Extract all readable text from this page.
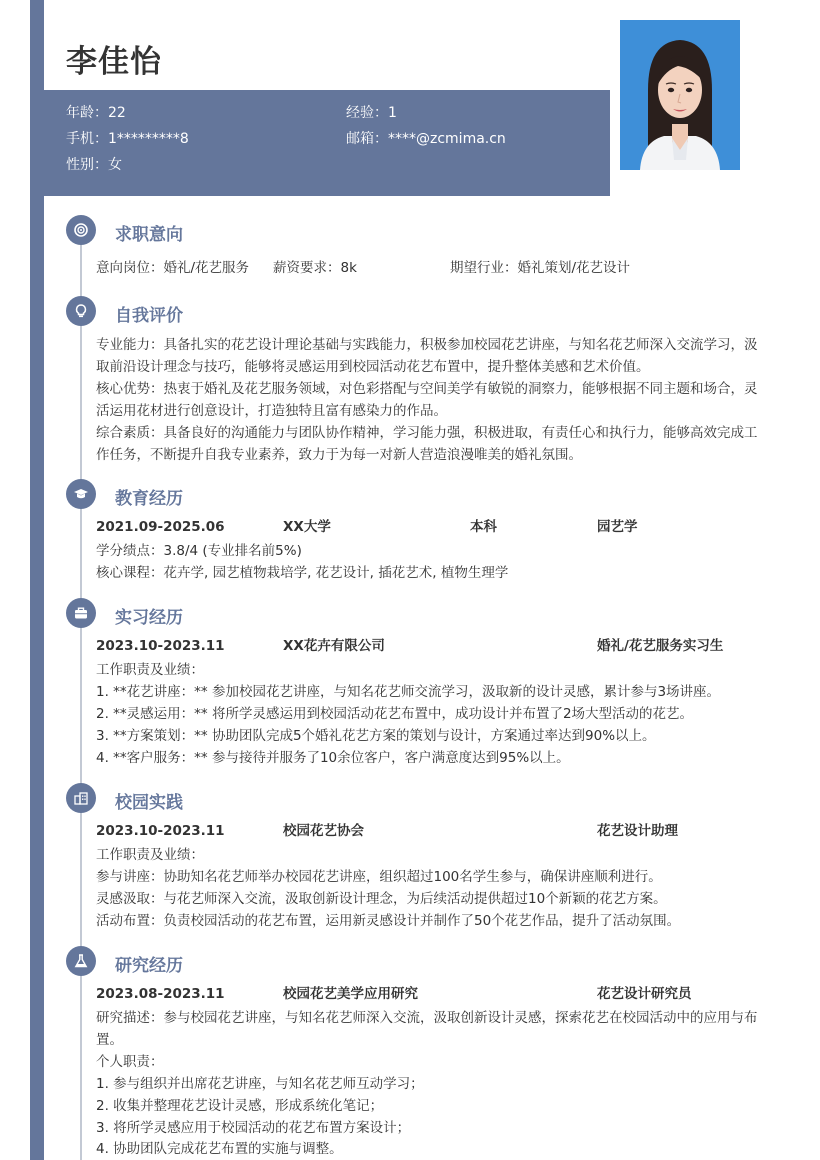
李佳怡
年龄：22	经验：1
手机：1*********8	邮箱：****@zcmima.cn
性别：女
求职意向
意向岗位：婚礼/花艺服务 薪资要求：8k	期望行业：婚礼策划/花艺设计
自我评价

专业能力：具备扎实的花艺设计理论基础与实践能力，积极参加校园花艺讲座，与知名花艺师深入交流学习，汲取前沿设计理念与技巧，能够将灵感运用到校园活动花艺布置中，提升整体美感和艺术价值。

核心优势：热衷于婚礼及花艺服务领域，对色彩搭配与空间美学有敏锐的洞察力，能够根据不同主题和场合，灵活运用花材进行创意设计，打造独特且富有感染力的作品。

综合素质：具备良好的沟通能力与团队协作精神，学习能力强，积极进取，有责任心和执行力，能够高效完成工作任务，不断提升自我专业素养，致力于为每一对新人营造浪漫唯美的婚礼氛围。

教育经历
2021.09-2025.06	XX大学	本科	园艺学
学分绩点：3.8/4 (专业排名前5%)
核心课程：花卉学, 园艺植物栽培学, 花艺设计, 插花艺术, 植物生理学
实习经历
2023.10-2023.11	XX花卉有限公司	婚礼/花艺服务实习生
工作职责及业绩：
1. **花艺讲座：** 参加校园花艺讲座，与知名花艺师交流学习，汲取新的设计灵感，累计参与3场讲座。
2. **灵感运用：** 将所学灵感运用到校园活动花艺布置中，成功设计并布置了2场大型活动的花艺。
3. **方案策划：** 协助团队完成5个婚礼花艺方案的策划与设计，方案通过率达到90%以上。
4. **客户服务：** 参与接待并服务了10余位客户，客户满意度达到95%以上。
校园实践
2023.10-2023.11	校园花艺协会	花艺设计助理
工作职责及业绩：
参与讲座：协助知名花艺师举办校园花艺讲座，组织超过100名学生参与，确保讲座顺利进行。
灵感汲取：与花艺师深入交流，汲取创新设计理念，为后续活动提供超过10个新颖的花艺方案。
活动布置：负责校园活动的花艺布置，运用新灵感设计并制作了50个花艺作品，提升了活动氛围。
研究经历
2023.08-2023.11	校园花艺美学应用研究	花艺设计研究员

研究描述：参与校园花艺讲座，与知名花艺师深入交流，汲取创新设计灵感，探索花艺在校园活动中的应用与布置。

个人职责：
1. 参与组织并出席花艺讲座，与知名花艺师互动学习；
2. 收集并整理花艺设计灵感，形成系统化笔记；
3. 将所学灵感应用于校园活动的花艺布置方案设计；
4. 协助团队完成花艺布置的实施与调整。
